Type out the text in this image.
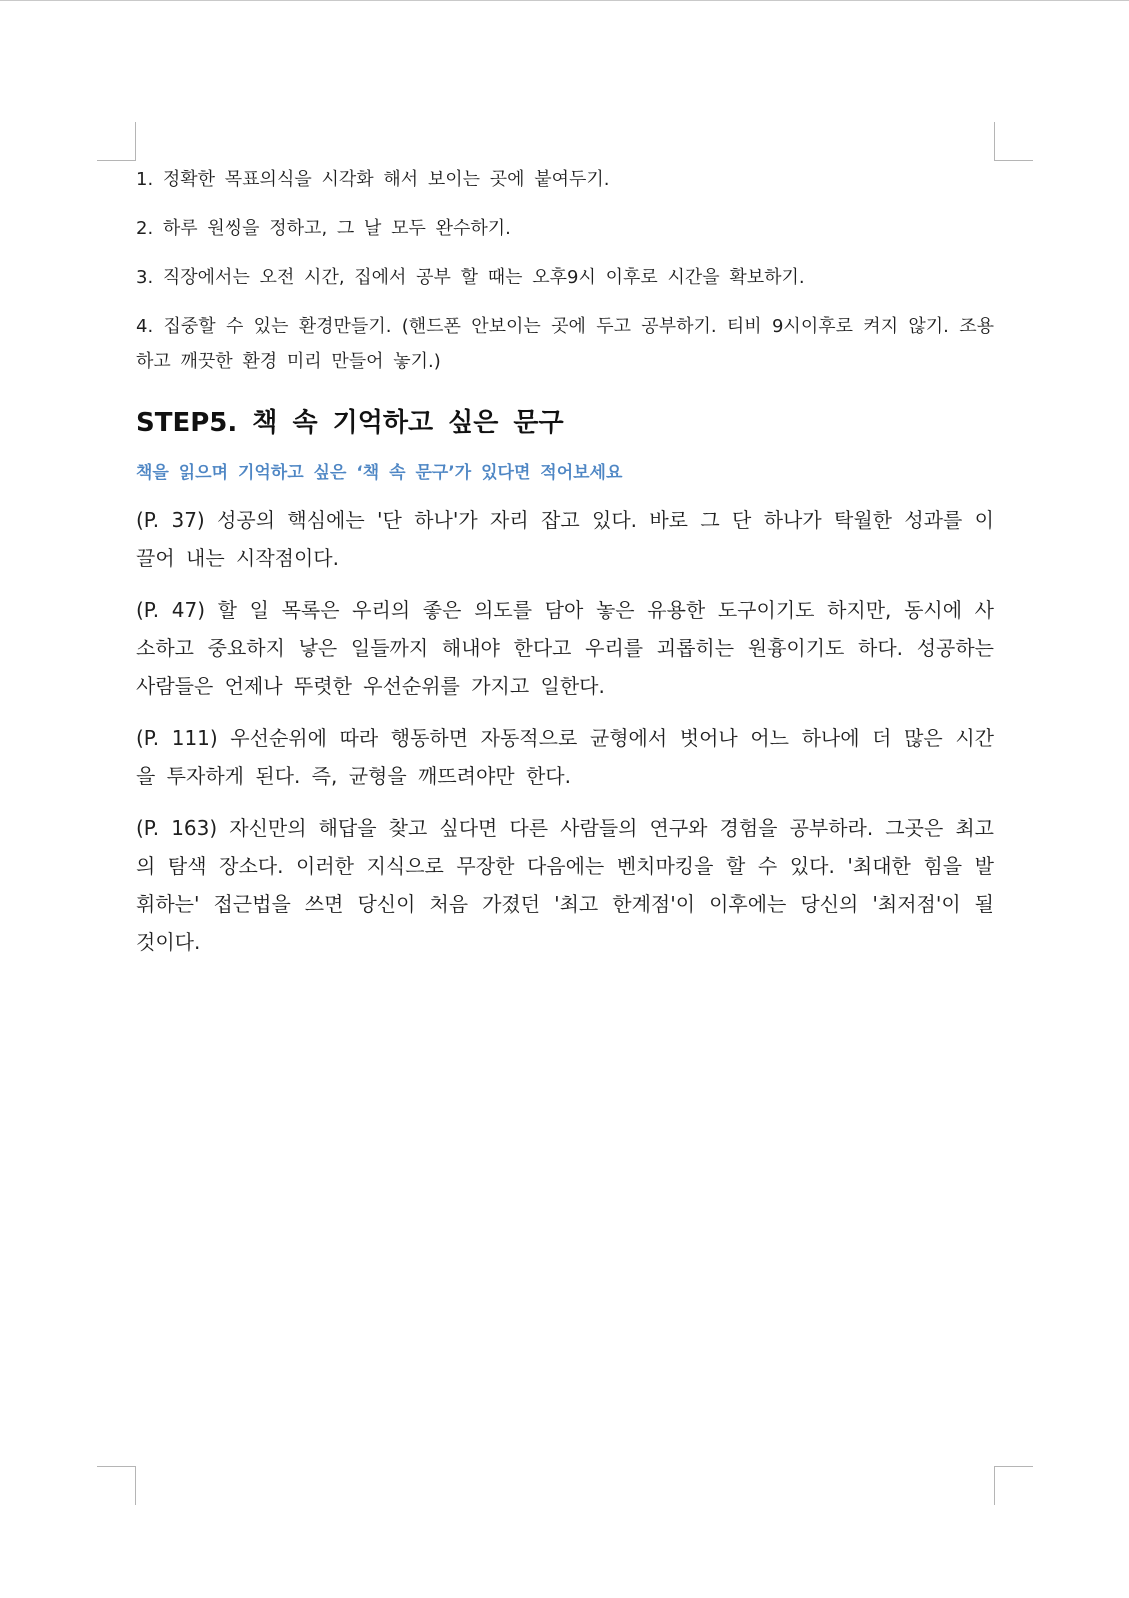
1. 정확한 목표의식을 시각화 해서 보이는 곳에 붙여두기.

2. 하루 원씽을 정하고, 그 날 모두 완수하기.

3. 직장에서는 오전 시간, 집에서 공부 할 때는 오후9시 이후로 시간을 확보하기.

4. 집중할 수 있는 환경만들기. (핸드폰 안보이는 곳에 두고 공부하기. 티비 9시이후로 켜지 않기. 조용하고 깨끗한 환경 미리 만들어 놓기.)

STEP5. 책 속 기억하고 싶은 문구

책을 읽으며 기억하고 싶은 ‘책 속 문구’가 있다면 적어보세요

(P. 37) 성공의 핵심에는 '단 하나'가 자리 잡고 있다. 바로 그 단 하나가 탁월한 성과를 이끌어 내는 시작점이다.

(P. 47) 할 일 목록은 우리의 좋은 의도를 담아 놓은 유용한 도구이기도 하지만, 동시에 사소하고 중요하지 낳은 일들까지 해내야 한다고 우리를 괴롭히는 원흉이기도 하다. 성공하는 사람들은 언제나 뚜렷한 우선순위를 가지고 일한다.

(P. 111) 우선순위에 따라 행동하면 자동적으로 균형에서 벗어나 어느 하나에 더 많은 시간을 투자하게 된다. 즉, 균형을 깨뜨려야만 한다.

(P. 163) 자신만의 해답을 찾고 싶다면 다른 사람들의 연구와 경험을 공부하라. 그곳은 최고의 탐색 장소다. 이러한 지식으로 무장한 다음에는 벤치마킹을 할 수 있다. '최대한 힘을 발휘하는' 접근법을 쓰면 당신이 처음 가졌던 '최고 한계점'이 이후에는 당신의 '최저점'이 될 것이다.
